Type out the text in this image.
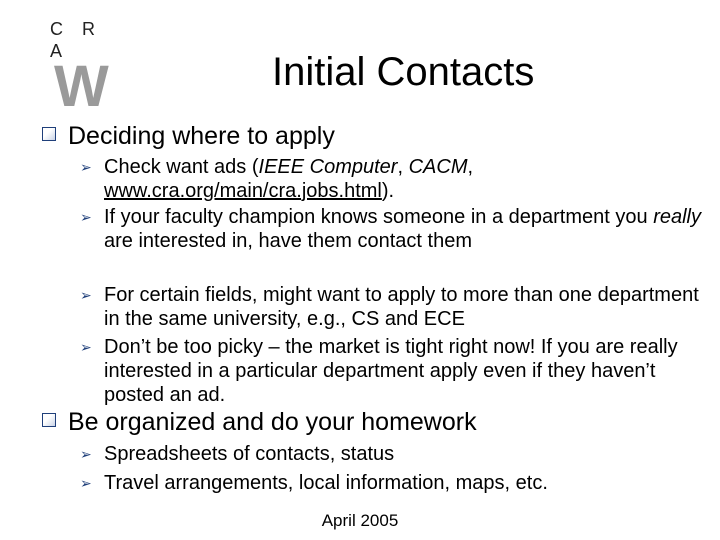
C R A
W	Initial Contacts
Deciding where to apply
➢ Check want ads (IEEE Computer, CACM,
www.cra.org/main/cra.jobs.html).
➢ If your faculty champion knows someone in a department you really are interested in, have them contact them
➢ For certain fields, might want to apply to more than one department in the same university, e.g., CS and ECE
➢ Don’t be too picky – the market is tight right now! If you are really interested in a particular department apply even if they haven’t posted an ad.
Be organized and do your homework
➢ Spreadsheets of contacts, status
➢ Travel arrangements, local information, maps, etc.
April 2005
